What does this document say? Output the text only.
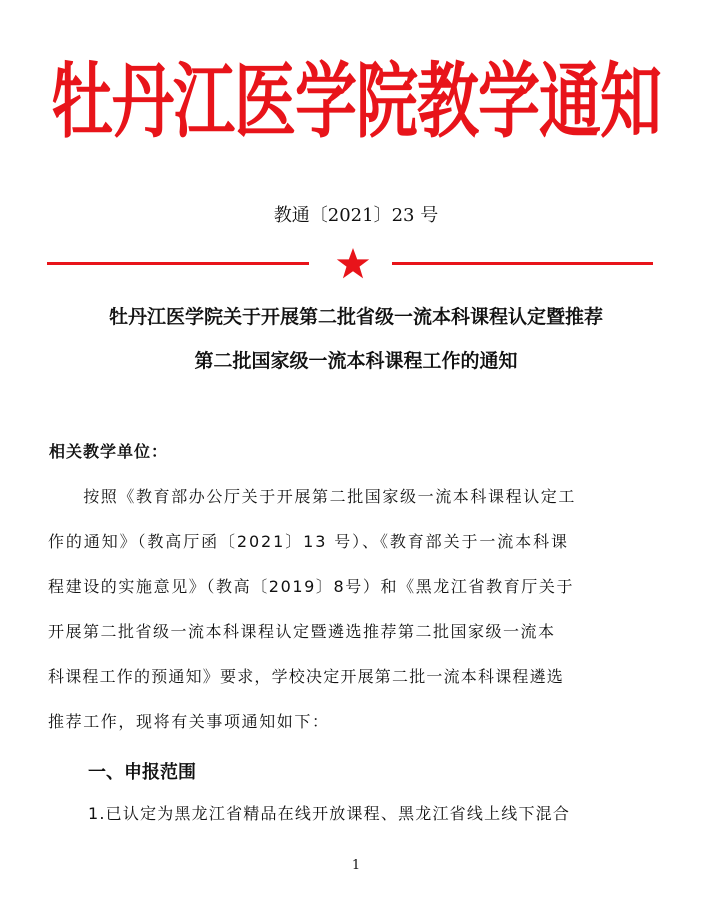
牡丹江医学院教学通知
教通〔2021〕23 号
牡丹江医学院关于开展第二批省级一流本科课程认定暨推荐
第二批国家级一流本科课程工作的通知
相关教学单位：
　　按照《教育部办公厅关于开展第二批国家级一流本科课程认定工
作的通知》（教高厅函〔2021〕13 号）、《教育部关于一流本科课
程建设的实施意见》（教高〔2019〕8号）和《黑龙江省教育厅关于
开展第二批省级一流本科课程认定暨遴选推荐第二批国家级一流本
科课程工作的预通知》要求，学校决定开展第二批一流本科课程遴选
推荐工作，现将有关事项通知如下：
一、申报范围
1.已认定为黑龙江省精品在线开放课程、黑龙江省线上线下混合
1
